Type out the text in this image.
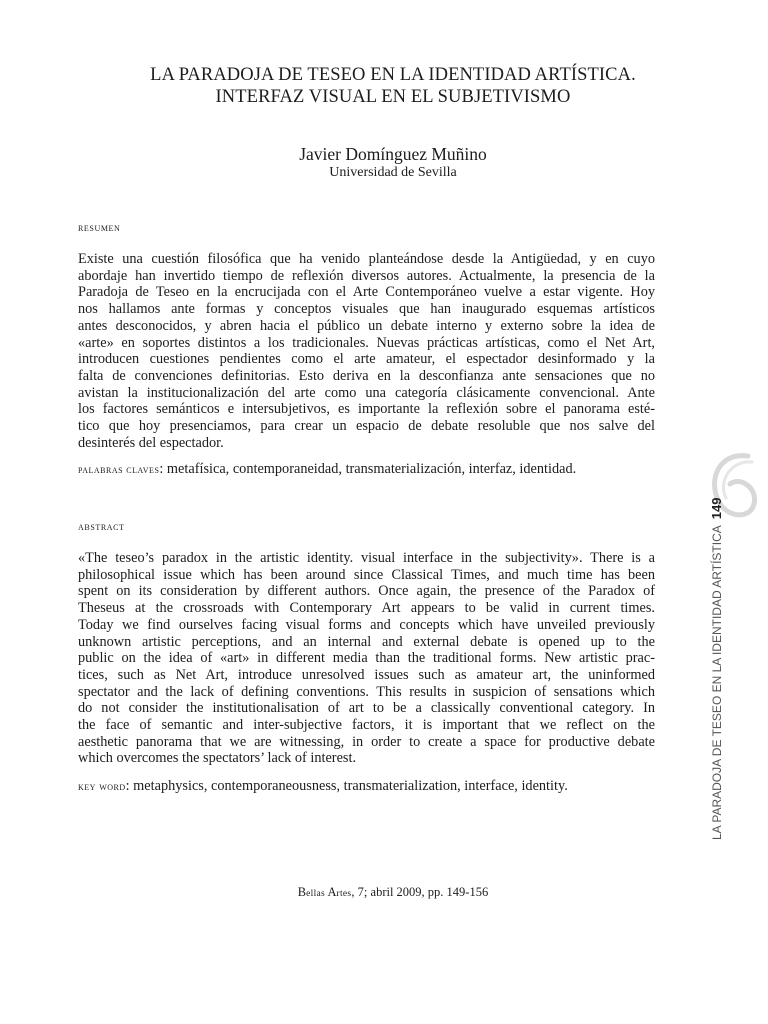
LA PARADOJA DE TESEO EN LA IDENTIDAD ARTÍSTICA.
INTERFAZ VISUAL EN EL SUBJETIVISMO
Javier Domínguez Muñino
Universidad de Sevilla
resumen
Existe una cuestión filosófica que ha venido planteándose desde la Antigüedad, y en cuyo
abordaje han invertido tiempo de reflexión diversos autores. Actualmente, la presencia de la
Paradoja de Teseo en la encrucijada con el Arte Contemporáneo vuelve a estar vigente. Hoy
nos hallamos ante formas y conceptos visuales que han inaugurado esquemas artísticos
antes desconocidos, y abren hacia el público un debate interno y externo sobre la idea de
«arte» en soportes distintos a los tradicionales. Nuevas prácticas artísticas, como el Net Art,
introducen cuestiones pendientes como el arte amateur, el espectador desinformado y la
falta de convenciones definitorias. Esto deriva en la desconfianza ante sensaciones que no
avistan la institucionalización del arte como una categoría clásicamente convencional. Ante
los factores semánticos e intersubjetivos, es importante la reflexión sobre el panorama esté-
tico que hoy presenciamos, para crear un espacio de debate resoluble que nos salve del
desinterés del espectador.
palabras claves: metafísica, contemporaneidad, transmaterialización, interfaz, identidad.
abstract
«The teseo’s paradox in the artistic identity. visual interface in the subjectivity». There is a
philosophical issue which has been around since Classical Times, and much time has been
spent on its consideration by different authors. Once again, the presence of the Paradox of
Theseus at the crossroads with Contemporary Art appears to be valid in current times.
Today we find ourselves facing visual forms and concepts which have unveiled previously
unknown artistic perceptions, and an internal and external debate is opened up to the
public on the idea of «art» in different media than the traditional forms. New artistic prac-
tices, such as Net Art, introduce unresolved issues such as amateur art, the uninformed
spectator and the lack of defining conventions. This results in suspicion of sensations which
do not consider the institutionalisation of art to be a classically conventional category. In
the face of semantic and inter-subjective factors, it is important that we reflect on the
aesthetic panorama that we are witnessing, in order to create a space for productive debate
which overcomes the spectators’ lack of interest.
key word: metaphysics, contemporaneousness, transmaterialization, interface, identity.
Bellas Artes, 7; abril 2009, pp. 149-156
LA PARADOJA DE TESEO EN LA IDENTIDAD ARTÍSTICA149
